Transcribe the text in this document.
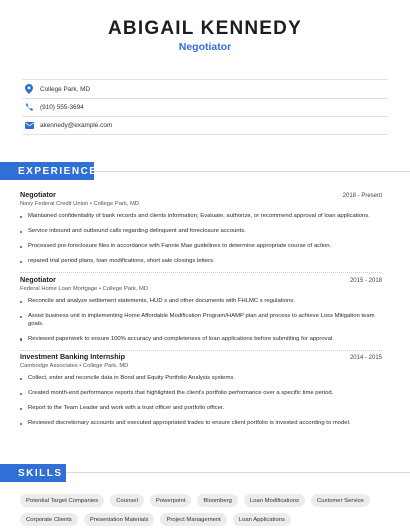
ABIGAIL KENNEDY
Negotiator
College Park, MD
(910) 555-3694
akennedy@example.com
EXPERIENCE
Negotiator	2018 - Present
Navy Federal Credit Union • College Park, MD
Maintained confidentiality of bank records and clients information; Evaluate, authorize, or recommend approval of loan applications.
Service inbound and outbound calls regarding delinquent and foreclosure accounts.
Processed pre-foreclosure files in accordance with Fannie Mae guidelines to determine appropriate course of action.
repared trial period plans, loan modifications, short sale closings letters.
Negotiator	2015 - 2018
Federal Home Loan Mortgage • College Park, MD
Reconcile and analyze settlement statements, HUD s and other documents with FHLMC s regulations.
Assist business unit in implementing Home Affordable Modification Program/HAMP plan and process to achieve Loss Mitigation team goals.
Reviewed paperwork to ensure 100% accuracy and completeness of loan applications before submitting for approval.
Investment Banking Internship	2014 - 2015
Cambridge Associates • College Park, MD
Collect, enter and reconcile data in Bond and Equity Portfolio Analysis systems.
Created month-end performance reports that highlighted the client's portfolio performance over a specific time period.
Report to the Team Leader and work with a trust officer and portfolio officer.
Reviewed discretionary accounts and executed appropriated trades to ensure client portfolio is invested according to model.
SKILLS
Potential Target Companies	Counsel	Powerpoint	Bloomberg	Loan Modifications	Customer Service
Corporate Clients	Presentation Materials	Project Management	Loan Applications
